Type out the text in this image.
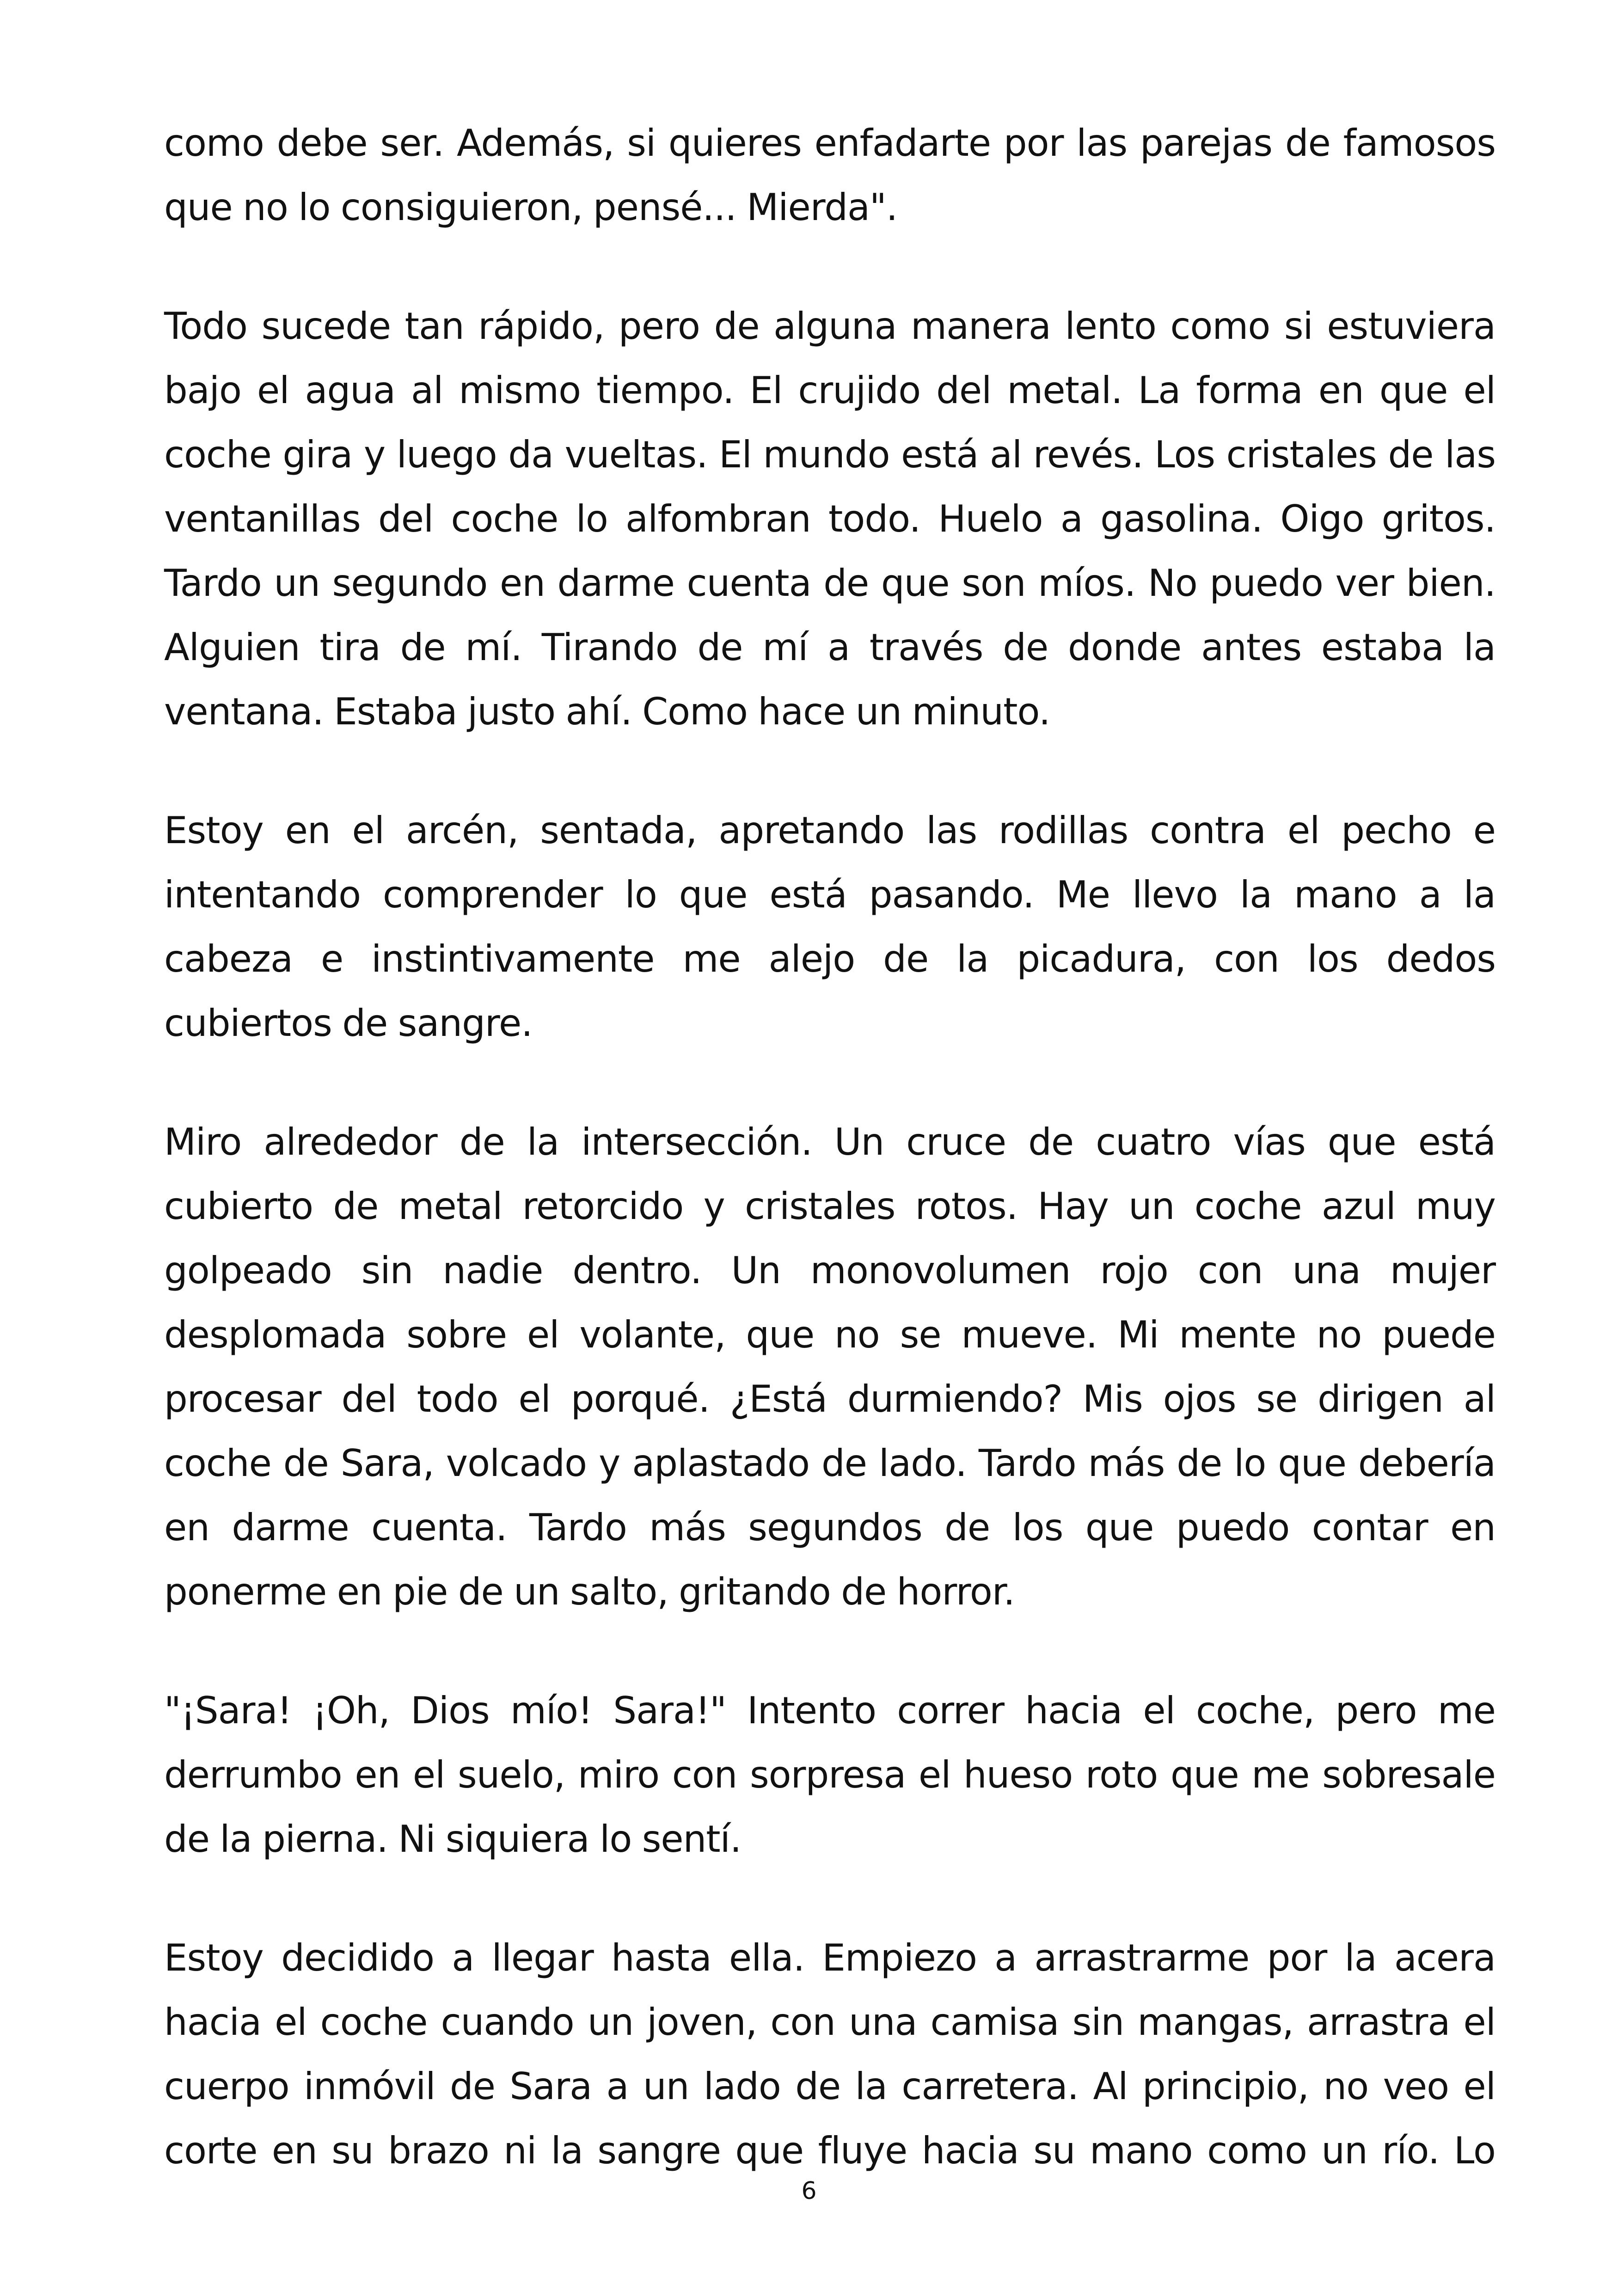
como debe ser. Además, si quieres enfadarte por las parejas de famosos
que no lo consiguieron, pensé... Mierda".

Todo sucede tan rápido, pero de alguna manera lento como si estuviera
bajo el agua al mismo tiempo. El crujido del metal. La forma en que el
coche gira y luego da vueltas. El mundo está al revés. Los cristales de las
ventanillas del coche lo alfombran todo. Huelo a gasolina. Oigo gritos.
Tardo un segundo en darme cuenta de que son míos. No puedo ver bien.
Alguien tira de mí. Tirando de mí a través de donde antes estaba la
ventana. Estaba justo ahí. Como hace un minuto.

Estoy en el arcén, sentada, apretando las rodillas contra el pecho e
intentando comprender lo que está pasando. Me llevo la mano a la
cabeza e instintivamente me alejo de la picadura, con los dedos
cubiertos de sangre.

Miro alrededor de la intersección. Un cruce de cuatro vías que está
cubierto de metal retorcido y cristales rotos. Hay un coche azul muy
golpeado sin nadie dentro. Un monovolumen rojo con una mujer
desplomada sobre el volante, que no se mueve. Mi mente no puede
procesar del todo el porqué. ¿Está durmiendo? Mis ojos se dirigen al
coche de Sara, volcado y aplastado de lado. Tardo más de lo que debería
en darme cuenta. Tardo más segundos de los que puedo contar en
ponerme en pie de un salto, gritando de horror.

"¡Sara! ¡Oh, Dios mío! Sara!" Intento correr hacia el coche, pero me
derrumbo en el suelo, miro con sorpresa el hueso roto que me sobresale
de la pierna. Ni siquiera lo sentí.

Estoy decidido a llegar hasta ella. Empiezo a arrastrarme por la acera
hacia el coche cuando un joven, con una camisa sin mangas, arrastra el
cuerpo inmóvil de Sara a un lado de la carretera. Al principio, no veo el
corte en su brazo ni la sangre que fluye hacia su mano como un río. Lo

6
